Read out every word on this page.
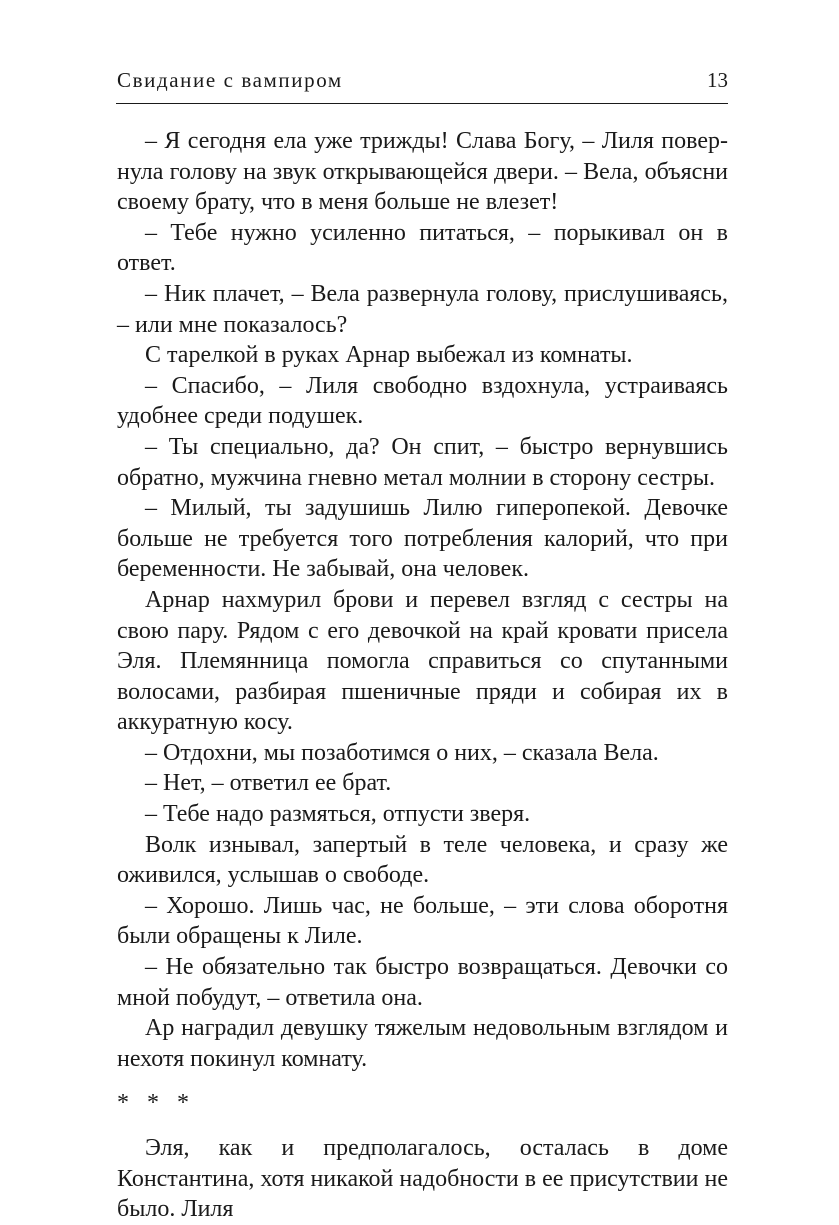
Свидание с вампиром	13

– Я сегодня ела уже трижды! Слава Богу, – Лиля повернула голову на звук открывающейся двери. – Вела, объясни своему брату, что в меня больше не влезет!

– Тебе нужно усиленно питаться, – порыкивал он в ответ.

– Ник плачет, – Вела развернула голову, прислушиваясь, – или мне показалось?

С тарелкой в руках Арнар выбежал из комнаты.

– Спасибо, – Лиля свободно вздохнула, устраиваясь удобнее среди подушек.

– Ты специально, да? Он спит, – быстро вернувшись обратно, мужчина гневно метал молнии в сторону сестры.

– Милый, ты задушишь Лилю гиперопекой. Девочке больше не требуется того потребления калорий, что при беременности. Не забывай, она человек.

Арнар нахмурил брови и перевел взгляд с сестры на свою пару. Рядом с его девочкой на край кровати присела Эля. Племянница помогла справиться со спутанными волосами, разбирая пшеничные пряди и собирая их в аккуратную косу.

– Отдохни, мы позаботимся о них, – сказала Вела.

– Нет, – ответил ее брат.

– Тебе надо размяться, отпусти зверя.

Волк изнывал, запертый в теле человека, и сразу же оживился, услышав о свободе.

– Хорошо. Лишь час, не больше, – эти слова оборотня были обращены к Лиле.

– Не обязательно так быстро возвращаться. Девочки со мной побудут, – ответила она.

Ар наградил девушку тяжелым недовольным взглядом и нехотя покинул комнату.

* * *

Эля, как и предполагалось, осталась в доме Константина, хотя никакой надобности в ее присутствии не было. Лиля
